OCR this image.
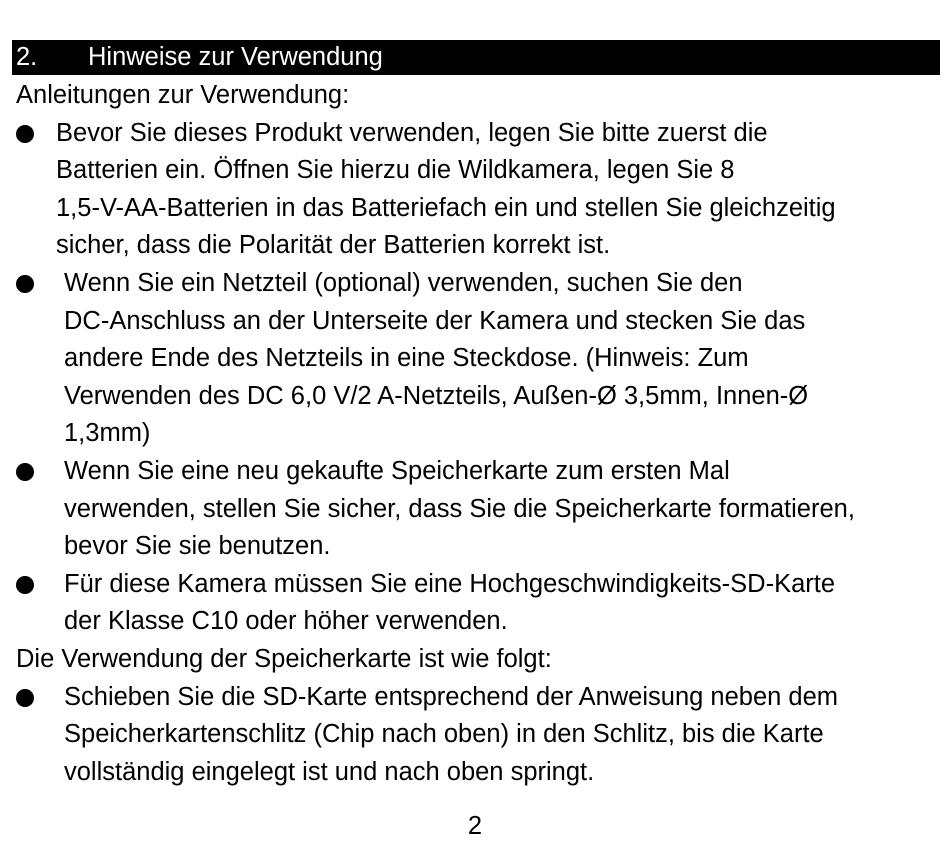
2. Hinweise zur Verwendung
Anleitungen zur Verwendung:
Bevor Sie dieses Produkt verwenden, legen Sie bitte zuerst die
Batterien ein. Öffnen Sie hierzu die Wildkamera, legen Sie 8
1,5-V-AA-Batterien in das Batteriefach ein und stellen Sie gleichzeitig
sicher, dass die Polarität der Batterien korrekt ist.
Wenn Sie ein Netzteil (optional) verwenden, suchen Sie den
DC-Anschluss an der Unterseite der Kamera und stecken Sie das
andere Ende des Netzteils in eine Steckdose. (Hinweis: Zum
Verwenden des DC 6,0 V/2 A-Netzteils, Außen-Ø 3,5mm, Innen-Ø
1,3mm)
Wenn Sie eine neu gekaufte Speicherkarte zum ersten Mal
verwenden, stellen Sie sicher, dass Sie die Speicherkarte formatieren,
bevor Sie sie benutzen.
Für diese Kamera müssen Sie eine Hochgeschwindigkeits-SD-Karte
der Klasse C10 oder höher verwenden.
Die Verwendung der Speicherkarte ist wie folgt:
Schieben Sie die SD-Karte entsprechend der Anweisung neben dem
Speicherkartenschlitz (Chip nach oben) in den Schlitz, bis die Karte
vollständig eingelegt ist und nach oben springt.
2
